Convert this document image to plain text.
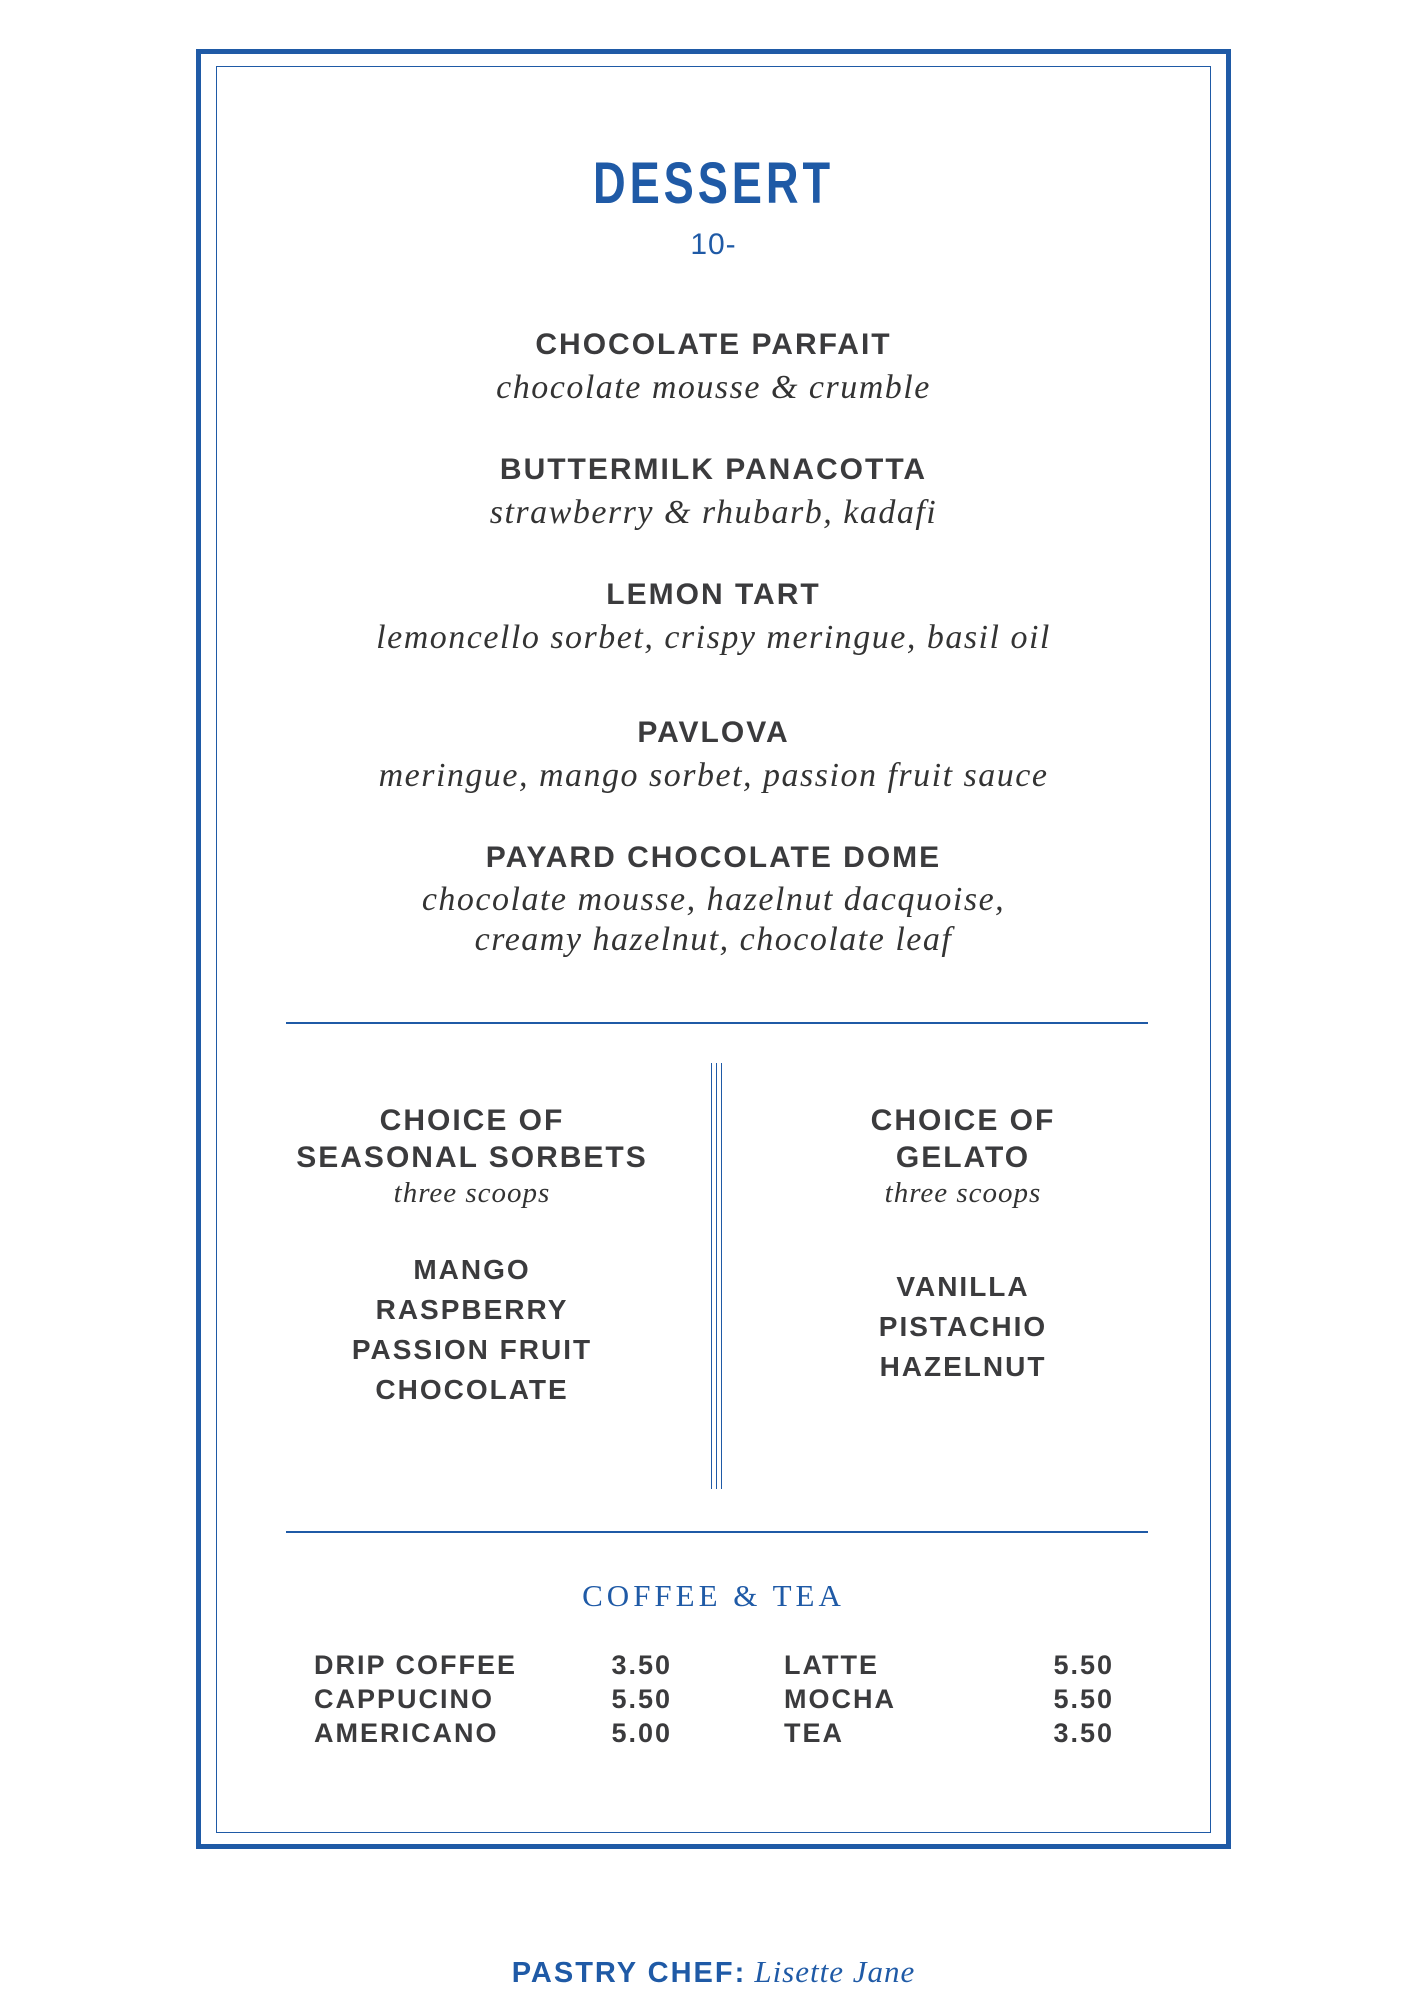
DESSERT
10-
CHOCOLATE PARFAIT
chocolate mousse & crumble
BUTTERMILK PANACOTTA
strawberry & rhubarb, kadafi
LEMON TART
lemoncello sorbet, crispy meringue, basil oil
PAVLOVA
meringue, mango sorbet, passion fruit sauce
PAYARD CHOCOLATE DOME
chocolate mousse, hazelnut dacquoise,
creamy hazelnut, chocolate leaf
CHOICE OF
SEASONAL SORBETS
three scoops
MANGO
RASPBERRY
PASSION FRUIT
CHOCOLATE
CHOICE OF
GELATO
three scoops
VANILLA
PISTACHIO
HAZELNUT
COFFEE & TEA
DRIP COFFEE	3.50
CAPPUCINO	5.50
AMERICANO	5.00
LATTE	5.50
MOCHA	5.50
TEA	3.50
PASTRY CHEF: Lisette Jane
